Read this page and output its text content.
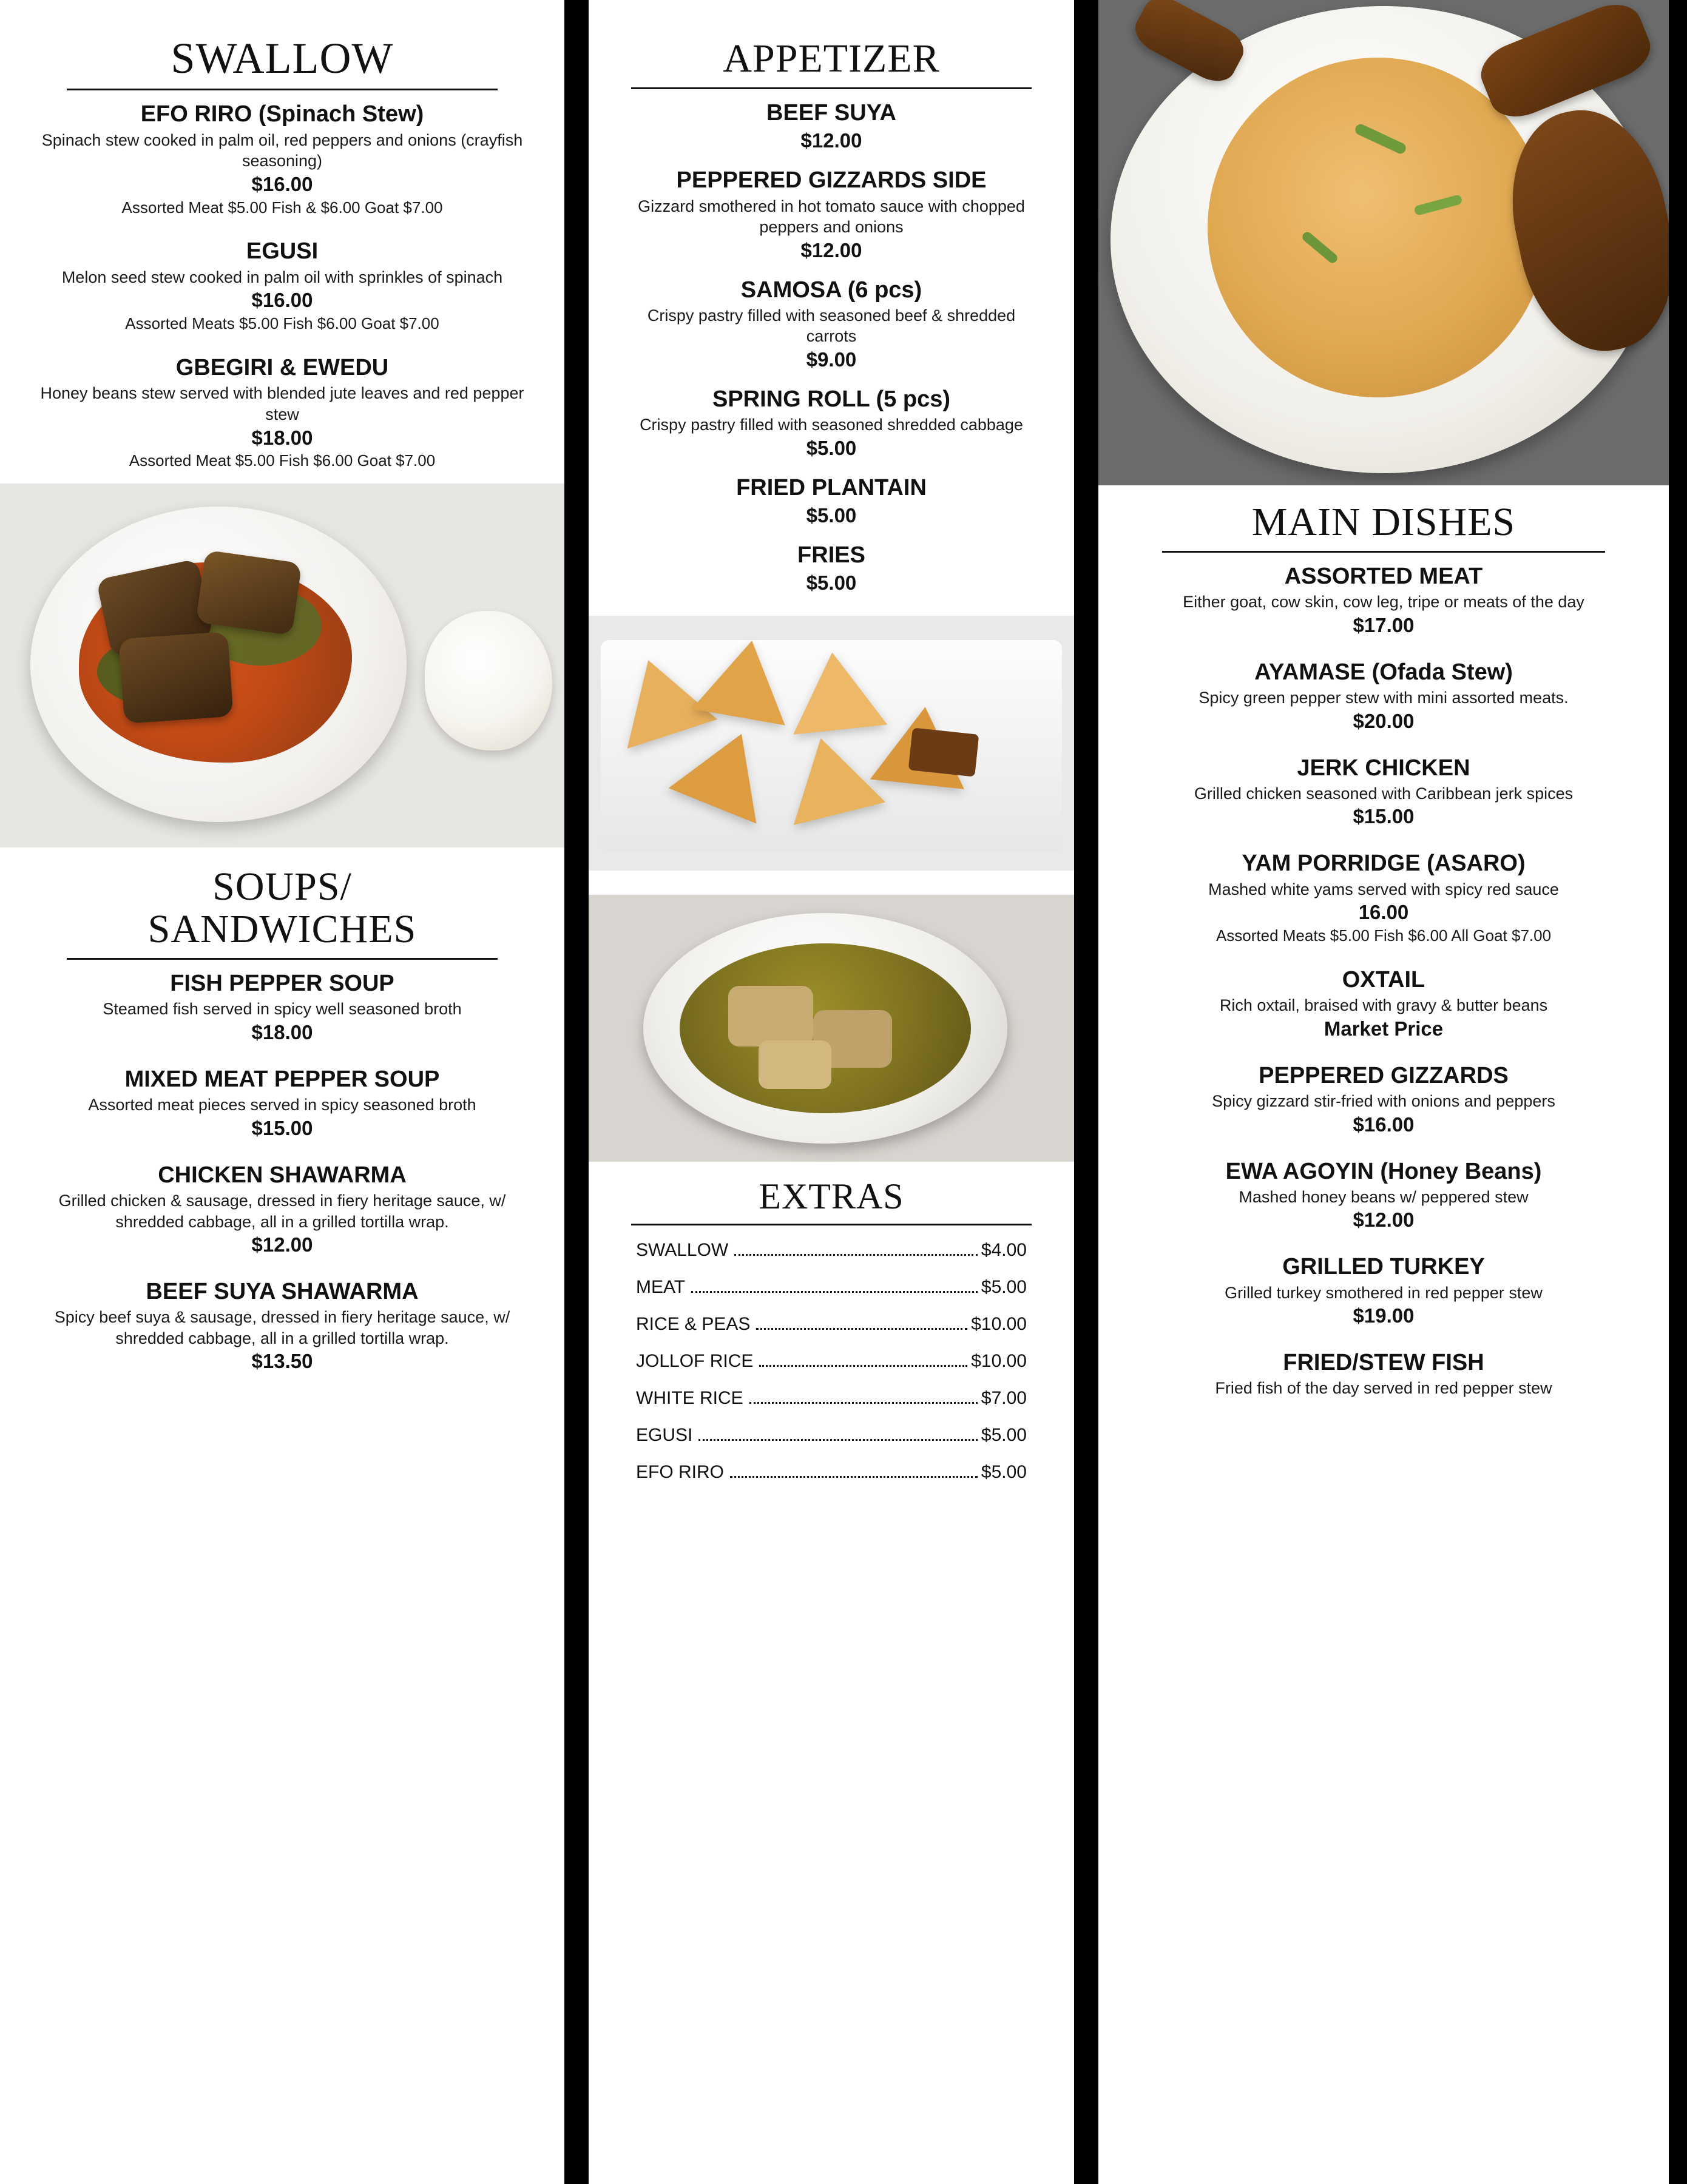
SWALLOW
EFO RIRO (Spinach Stew)
Spinach stew cooked in palm oil, red peppers and onions (crayfish seasoning)
$16.00
Assorted Meat $5.00 Fish & $6.00 Goat $7.00
EGUSI
Melon seed stew cooked in palm oil with sprinkles of spinach
$16.00
Assorted Meats $5.00 Fish $6.00 Goat $7.00
GBEGIRI & EWEDU
Honey beans stew served with blended jute leaves and red pepper stew
$18.00
Assorted Meat $5.00 Fish $6.00 Goat $7.00
SOUPS/
SANDWICHES
FISH PEPPER SOUP
Steamed fish served in spicy well seasoned broth
$18.00
MIXED MEAT PEPPER SOUP
Assorted meat pieces served in spicy seasoned broth
$15.00
CHICKEN SHAWARMA
Grilled chicken & sausage, dressed in fiery heritage sauce, w/ shredded cabbage, all in a grilled tortilla wrap.
$12.00
BEEF SUYA SHAWARMA
Spicy beef suya & sausage, dressed in fiery heritage sauce, w/ shredded cabbage, all in a grilled tortilla wrap.
$13.50
APPETIZER
BEEF SUYA
$12.00
PEPPERED GIZZARDS SIDE
Gizzard smothered in hot tomato sauce with chopped peppers and onions
$12.00
SAMOSA (6 pcs)
Crispy pastry filled with seasoned beef & shredded carrots
$9.00
SPRING ROLL (5 pcs)
Crispy pastry filled with seasoned shredded cabbage
$5.00
FRIED PLANTAIN
$5.00
FRIES
$5.00
EXTRAS
SWALLOW	$4.00
MEAT	$5.00
RICE & PEAS	$10.00
JOLLOF RICE	$10.00
WHITE RICE	$7.00
EGUSI	$5.00
EFO RIRO	$5.00
MAIN DISHES
ASSORTED MEAT
Either goat, cow skin, cow leg, tripe or meats of the day
$17.00
AYAMASE (Ofada Stew)
Spicy green pepper stew with mini assorted meats.
$20.00
JERK CHICKEN
Grilled chicken seasoned with Caribbean jerk spices
$15.00
YAM PORRIDGE (ASARO)
Mashed white yams served with spicy red sauce
16.00
Assorted Meats $5.00 Fish $6.00 All Goat $7.00
OXTAIL
Rich oxtail, braised with gravy & butter beans
Market Price
PEPPERED GIZZARDS
Spicy gizzard stir-fried with onions and peppers
$16.00
EWA AGOYIN (Honey Beans)
Mashed honey beans w/ peppered stew
$12.00
GRILLED TURKEY
Grilled turkey smothered in red pepper stew
$19.00
FRIED/STEW FISH
Fried fish of the day served in red pepper stew
